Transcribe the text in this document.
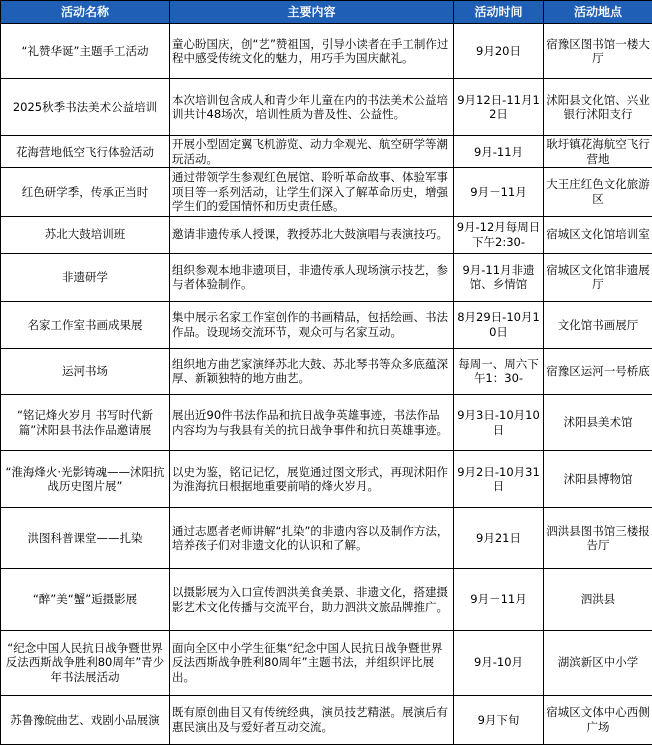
活动名称	主要内容	活动时间	活动地点
“礼赞华诞”主题手工活动	童心盼国庆，创“艺”赞祖国，引导小读者在手工制作过程中感受传统文化的魅力，用巧手为国庆献礼。	9月20日	宿豫区图书馆一楼大厅
2025秋季书法美术公益培训	本次培训包含成人和青少年儿童在内的书法美术公益培训共计48场次，培训性质为普及性、公益性。	9月12日-11月12日	沭阳县文化馆、兴业银行沭阳支行
花海营地低空飞行体验活动	开展小型固定翼飞机游览、动力伞观光、航空研学等潮玩活动。	9月-11月	耿圩镇花海航空飞行营地
红色研学季，传承正当时	通过带领学生参观红色展馆、聆听革命故事、体验军事项目等一系列活动，让学生们深入了解革命历史，增强学生们的爱国情怀和历史责任感。	9月－11月	大王庄红色文化旅游区
苏北大鼓培训班	邀请非遗传承人授课，教授苏北大鼓演唱与表演技巧。	9月-12月每周日下午2:30-	宿城区文化馆培训室
非遗研学	组织参观本地非遗项目，非遗传承人现场演示技艺，参与者体验制作。	9月-11月非遗馆、乡情馆	宿城区文化馆非遗展厅
名家工作室书画成果展	集中展示名家工作室创作的书画精品，包括绘画、书法作品。设现场交流环节，观众可与名家互动。	8月29日-10月10日	文化馆书画展厅
运河书场	组织地方曲艺家演绎苏北大鼓、苏北琴书等众多底蕴深厚、新颖独特的地方曲艺。	每周一、周六下午1：30-	宿豫区运河一号桥底
“铭记烽火岁月 书写时代新篇”沭阳县书法作品邀请展	展出近90件书法作品和抗日战争英雄事迹，书法作品内容均为与我县有关的抗日战争事件和抗日英雄事迹。	9月3日-10月10日	沭阳县美术馆
“淮海烽火·光影铸魂——沭阳抗战历史图片展”	以史为鉴，铭记记忆，展览通过图文形式，再现沭阳作为淮海抗日根据地重要前哨的烽火岁月。	9月2日-10月31日	沭阳县博物馆
洪图科普课堂——扎染	通过志愿者老师讲解“扎染”的非遗内容以及制作方法，培养孩子们对非遗文化的认识和了解。	9月21日	泗洪县图书馆三楼报告厅
“醉”美“蟹”逅摄影展	以摄影展为入口宣传泗洪美食美景、非遗文化，搭建摄影艺术文化传播与交流平台，助力泗洪文旅品牌推广。	9月－11月	泗洪县
“纪念中国人民抗日战争暨世界反法西斯战争胜利80周年”青少年书法展活动	面向全区中小学生征集“纪念中国人民抗日战争暨世界反法西斯战争胜利80周年”主题书法，并组织评比展出。	9月-10月	湖滨新区中小学
苏鲁豫皖曲艺、戏剧小品展演	既有原创曲目又有传统经典，演员技艺精湛。展演后有惠民演出及与爱好者互动交流。	9月下旬	宿城区文体中心西侧广场
